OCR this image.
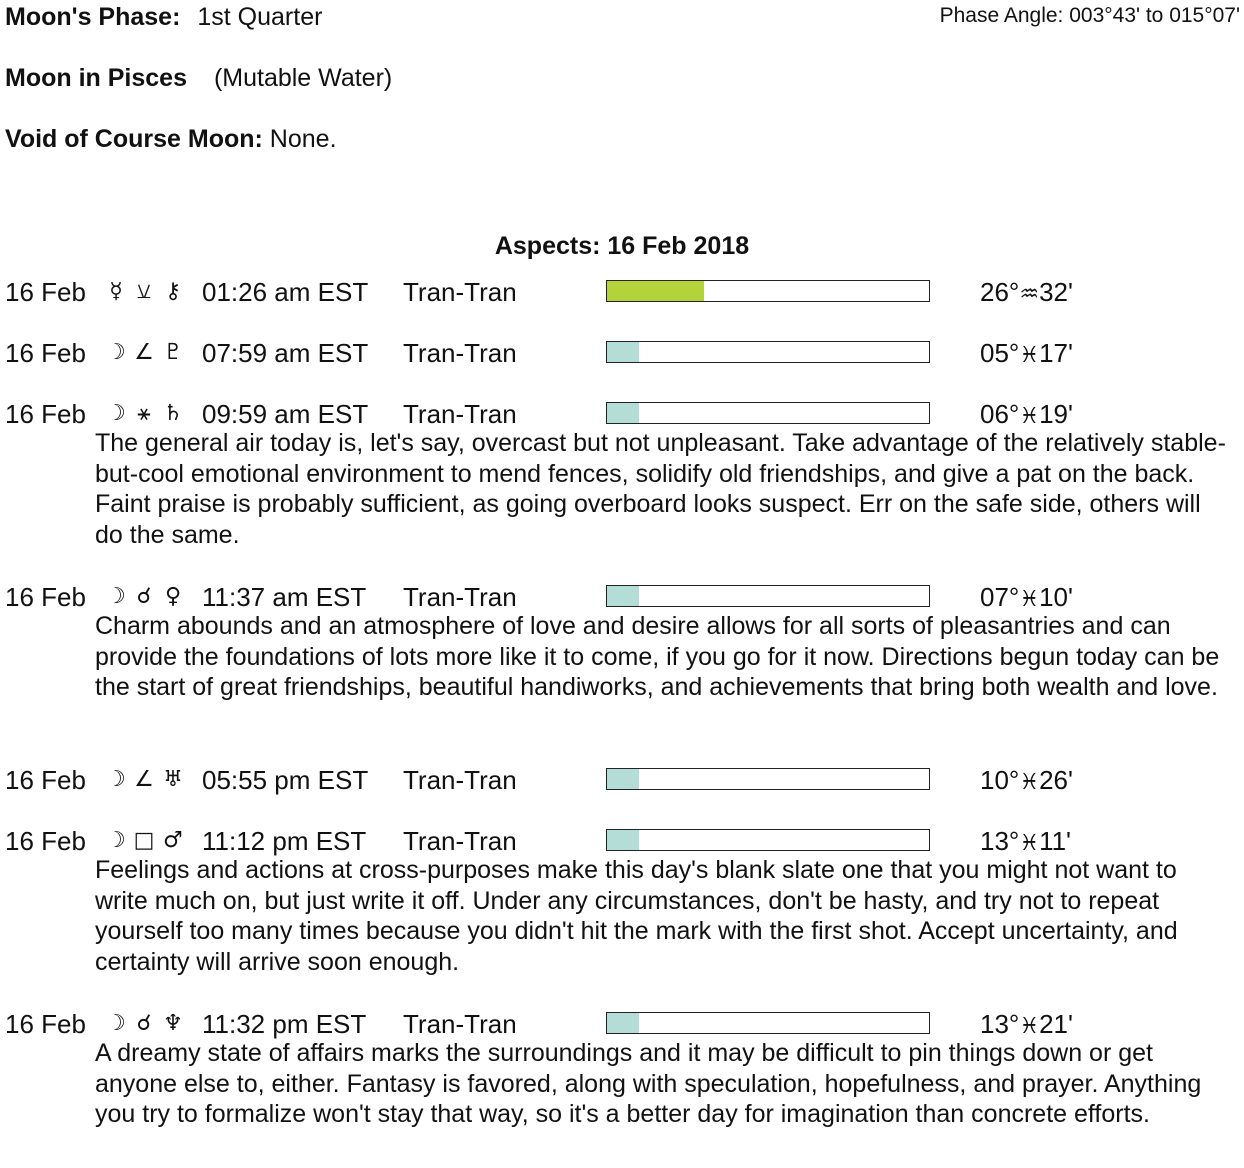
Moon's Phase: 1st Quarter	Phase Angle: 003°43' to 015°07'
Moon in Pisces (Mutable Water)
Void of Course Moon: None.
Aspects: 16 Feb 2018
16 Feb ☿ ⚺ ⚷ 01:26 am EST Tran-Tran	26°♒32'
16 Feb ☽ ∠ ♇ 07:59 am EST Tran-Tran	05°♓17'
16 Feb ☽ ⚹ ♄ 09:59 am EST Tran-Tran	06°♓19'
The general air today is, let's say, overcast but not unpleasant. Take advantage of the relatively stable-but-cool emotional environment to mend fences, solidify old friendships, and give a pat on the back. Faint praise is probably sufficient, as going overboard looks suspect. Err on the safe side, others will do the same.
16 Feb ☽ ☌ ♀ 11:37 am EST Tran-Tran	07°♓10'
Charm abounds and an atmosphere of love and desire allows for all sorts of pleasantries and can provide the foundations of lots more like it to come, if you go for it now. Directions begun today can be the start of great friendships, beautiful handiworks, and achievements that bring both wealth and love.
16 Feb ☽ ∠ ♅ 05:55 pm EST Tran-Tran	10°♓26'
16 Feb ☽ □ ♂ 11:12 pm EST Tran-Tran	13°♓11'
Feelings and actions at cross-purposes make this day's blank slate one that you might not want to write much on, but just write it off. Under any circumstances, don't be hasty, and try not to repeat yourself too many times because you didn't hit the mark with the first shot. Accept uncertainty, and certainty will arrive soon enough.
16 Feb ☽ ☌ ♆ 11:32 pm EST Tran-Tran	13°♓21'
A dreamy state of affairs marks the surroundings and it may be difficult to pin things down or get anyone else to, either. Fantasy is favored, along with speculation, hopefulness, and prayer. Anything you try to formalize won't stay that way, so it's a better day for imagination than concrete efforts.
